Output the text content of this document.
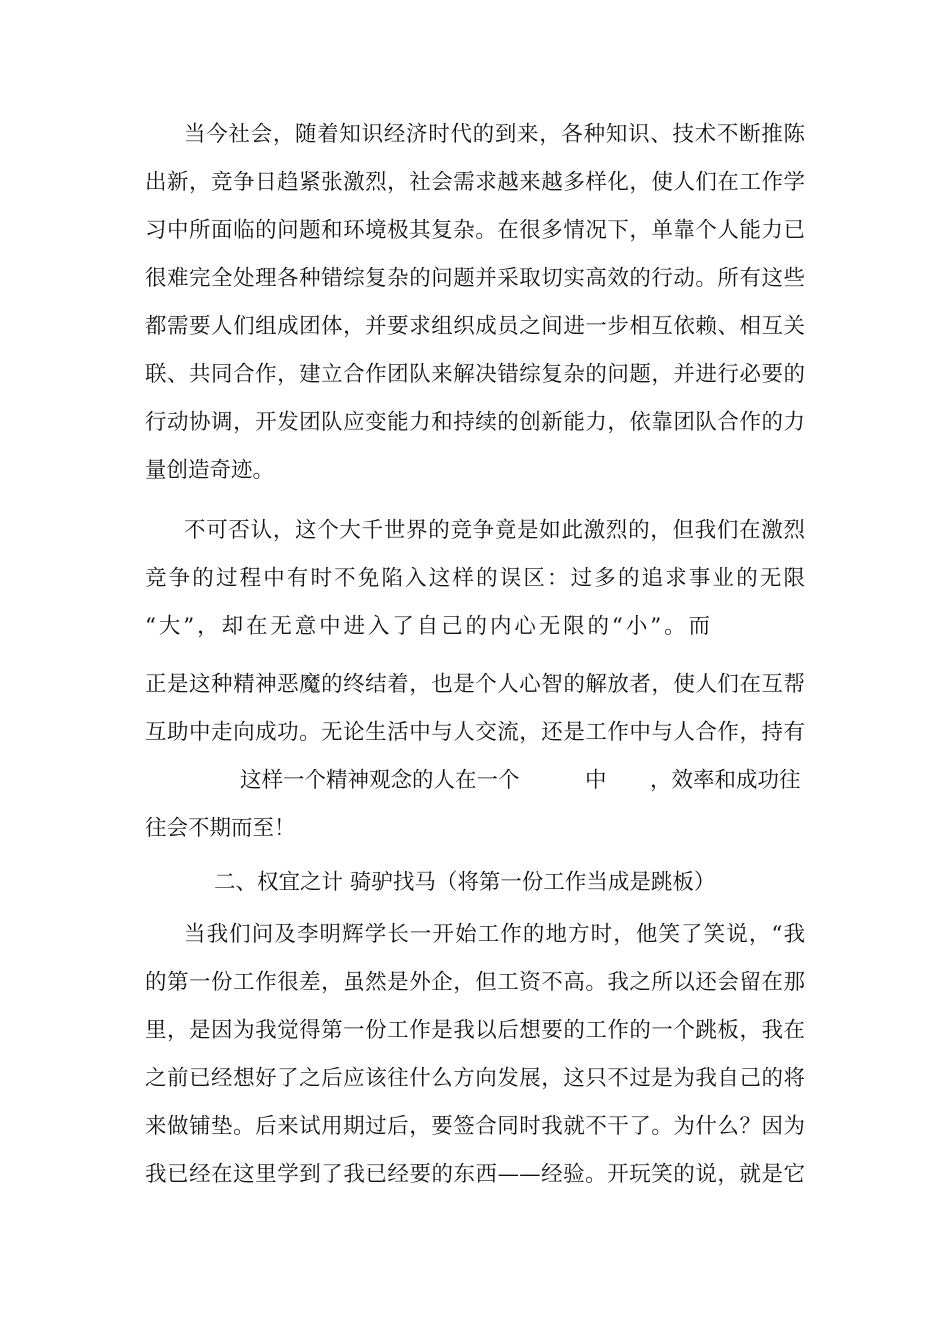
当今社会，随着知识经济时代的到来，各种知识、技术不断推陈
出新，竞争日趋紧张激烈，社会需求越来越多样化，使人们在工作学
习中所面临的问题和环境极其复杂。在很多情况下，单靠个人能力已
很难完全处理各种错综复杂的问题并采取切实高效的行动。所有这些
都需要人们组成团体，并要求组织成员之间进一步相互依赖、相互关
联、共同合作，建立合作团队来解决错综复杂的问题，并进行必要的
行动协调，开发团队应变能力和持续的创新能力，依靠团队合作的力
量创造奇迹。
不可否认，这个大千世界的竞争竟是如此激烈的，但我们在激烈
竞争的过程中有时不免陷入这样的误区：过多的追求事业的无限
“大”，却在无意中进入了自己的内心无限的“小”。而
正是这种精神恶魔的终结着，也是个人心智的解放者，使人们在互帮
互助中走向成功。无论生活中与人交流，还是工作中与人合作，持有
这样一个精神观念的人在一个	中 ，效率和成功往
往会不期而至！
二、权宜之计 骑驴找马（将第一份工作当成是跳板）
当我们问及李明辉学长一开始工作的地方时，他笑了笑说，“我
的第一份工作很差，虽然是外企，但工资不高。我之所以还会留在那
里，是因为我觉得第一份工作是我以后想要的工作的一个跳板，我在
之前已经想好了之后应该往什么方向发展，这只不过是为我自己的将
来做铺垫。后来试用期过后，要签合同时我就不干了。为什么？因为
我已经在这里学到了我已经要的东西——经验。开玩笑的说，就是它
